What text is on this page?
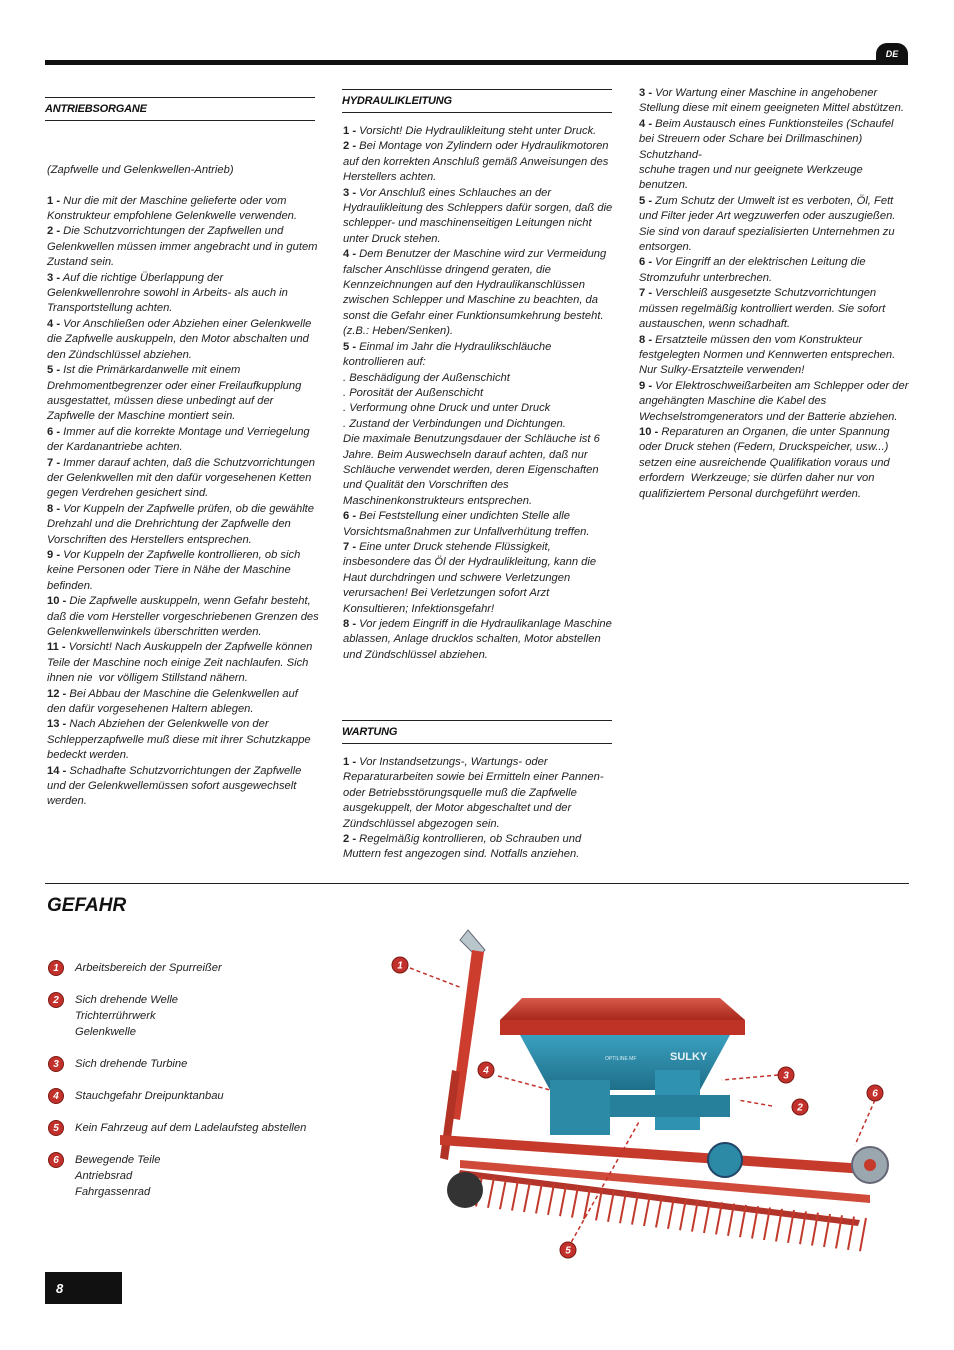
DE
ANTRIEBSORGANE

(Zapfwelle und Gelenkwellen-Antrieb)

1 - Nur die mit der Maschine gelieferte oder vom Konstrukteur empfohlene Gelenkwelle verwenden.

2 - Die Schutzvorrichtungen der Zapfwellen und Gelenkwellen müssen immer angebracht und in gutem Zustand sein.

3 - Auf die richtige Überlappung der Gelenkwellenrohre sowohl in Arbeits- als auch in Transportstellung achten.

4 - Vor Anschließen oder Abziehen einer Gelenkwelle die Zapfwelle auskuppeln, den Motor abschalten und den Zündschlüssel abziehen.

5 - Ist die Primärkardanwelle mit einem Drehmomentbegrenzer oder einer Freilaufkupplung ausgestattet, müssen diese unbedingt auf der Zapfwelle der Maschine montiert sein.

6 - Immer auf die korrekte Montage und Verriegelung der Kardanantriebe achten.

7 - Immer darauf achten, daß die Schutzvorrichtungen der Gelenkwellen mit den dafür vorgesehenen Ketten gegen Verdrehen gesichert sind.

8 - Vor Kuppeln der Zapfwelle prüfen, ob die gewählte Drehzahl und die Drehrichtung der Zapfwelle den Vorschriften des Herstellers entsprechen.

9 - Vor Kuppeln der Zapfwelle kontrollieren, ob sich keine Personen oder Tiere in Nähe der Maschine befinden.

10 - Die Zapfwelle auskuppeln, wenn Gefahr besteht, daß die vom Hersteller vorgeschriebenen Grenzen des Gelenkwellenwinkels überschritten werden.

11 - Vorsicht! Nach Auskuppeln der Zapfwelle können Teile der Maschine noch einige Zeit nachlaufen. Sich ihnen nie  vor völligem Stillstand nähern.

12 - Bei Abbau der Maschine die Gelenkwellen auf den dafür vorgesehenen Haltern ablegen.

13 - Nach Abziehen der Gelenkwelle von der Schlepperzapfwelle muß diese mit ihrer Schutzkappe bedeckt werden.

14 - Schadhafte Schutzvorrichtungen der Zapfwelle und der Gelenkwellemüssen sofort ausgewechselt werden.

HYDRAULIKLEITUNG

1 - Vorsicht! Die Hydraulikleitung steht unter Druck.

2 - Bei Montage von Zylindern oder Hydraulikmotoren auf den korrekten Anschluß gemäß Anweisungen des Herstellers achten.

3 - Vor Anschluß eines Schlauches an der Hydraulikleitung des Schleppers dafür sorgen, daß die schlepper- und maschinenseitigen Leitungen nicht unter Druck stehen.

4 - Dem Benutzer der Maschine wird zur Vermeidung falscher Anschlüsse dringend geraten, die Kennzeichnungen auf den Hydraulikanschlüssen zwischen Schlepper und Maschine zu beachten, da sonst die Gefahr einer Funktionsumkehrung besteht. (z.B.: Heben/Senken).

5 - Einmal im Jahr die Hydraulikschläuche kontrollieren auf:
. Beschädigung der Außenschicht
. Porosität der Außenschicht
. Verformung ohne Druck und unter Druck
. Zustand der Verbindungen und Dichtungen.
Die maximale Benutzungsdauer der Schläuche ist 6 Jahre. Beim Auswechseln darauf achten, daß nur Schläuche verwendet werden, deren Eigenschaften und Qualität den Vorschriften des Maschinenkonstrukteurs entsprechen.

6 - Bei Feststellung einer undichten Stelle alle Vorsichtsmaßnahmen zur Unfallverhütung treffen.

7 - Eine unter Druck stehende Flüssigkeit, insbesondere das Öl der Hydraulikleitung, kann die Haut durchdringen und schwere Verletzungen verursachen! Bei Verletzungen sofort Arzt Konsultieren; Infektionsgefahr!

8 - Vor jedem Eingriff in die Hydraulikanlage Maschine ablassen, Anlage drucklos schalten, Motor abstellen und Zündschlüssel abziehen.

WARTUNG

1 - Vor Instandsetzungs-, Wartungs- oder Reparaturarbeiten sowie bei Ermitteln einer Pannen- oder Betriebsstörungsquelle muß die Zapfwelle ausgekuppelt, der Motor abgeschaltet und der Zündschlüssel abgezogen sein.

2 - Regelmäßig kontrollieren, ob Schrauben und Muttern fest angezogen sind. Notfalls anziehen.

3 - Vor Wartung einer Maschine in angehobener Stellung diese mit einem geeigneten Mittel abstützen.

4 - Beim Austausch eines Funktionsteiles (Schaufel bei Streuern oder Schare bei Drillmaschinen) Schutzhand-
schuhe tragen und nur geeignete Werkzeuge benutzen.

5 - Zum Schutz der Umwelt ist es verboten, Öl, Fett und Filter jeder Art wegzuwerfen oder auszugießen. Sie sind von darauf spezialisierten Unternehmen zu entsorgen.

6 - Vor Eingriff an der elektrischen Leitung die Stromzufuhr unterbrechen.

7 - Verschleiß ausgesetzte Schutzvorrichtungen müssen regelmäßig kontrolliert werden. Sie sofort austauschen, wenn schadhaft.

8 - Ersatzteile müssen den vom Konstrukteur festgelegten Normen und Kennwerten entsprechen. Nur Sulky-Ersatzteile verwenden!

9 - Vor Elektroschweißarbeiten am Schlepper oder der angehängten Maschine die Kabel des Wechselstromgenerators und der Batterie abziehen.

10 - Reparaturen an Organen, die unter Spannung oder Druck stehen (Federn, Druckspeicher, usw...) setzen eine ausreichende Qualifikation voraus und erfordern  Werkzeuge; sie dürfen daher nur von qualifiziertem Personal durchgeführt werden.

GEFAHR
1	Arbeitsbereich der Spurreißer
2	Sich drehende Welle
Trichterrührwerk
Gelenkwelle
3	Sich drehende Turbine
4	Stauchgefahr Dreipunktanbau
5	Kein Fahrzeug auf dem Ladelaufsteg abstellen
6	Bewegende Teile
Antriebsrad
Fahrgassenrad
SULKY
OPTILINE MF
1
2
3
4
5
6
8
